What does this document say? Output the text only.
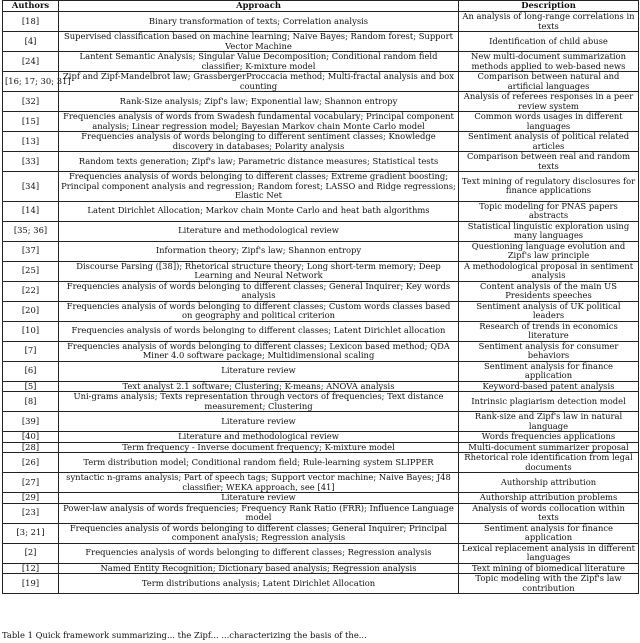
Authors	Approach	Description
[18]	Binary transformation of texts; Correlation analysis	An analysis of long-range correlations in texts
[4]	Supervised classification based on machine learning; Naive Bayes; Random forest; Support Vector Machine	Identification of child abuse
[24]	Lantent Semantic Analysis; Singular Value Decomposition; Conditional random field classifier; K-mixture model	New multi-document summarization methods applied to web-based news
[16; 17; 30; 31]	Zipf and Zipf-Mandelbrot law; GrassbergerProccacia method; Multi-fractal analysis and box counting	Comparison between natural and artificial languages
[32]	Rank-Size analysis; Zipf's law; Exponential law; Shannon entropy	Analysis of referees responses in a peer review system
[15]	Frequencies analysis of words from Swadesh fundamental vocabulary; Principal component analysis; Linear regression model; Bayesian Markov chain Monte Carlo model	Common words usages in different languages
[13]	Frequencies analysis of words belonging to different sentiment classes; Knowledge discovery in databases; Polarity analysis	Sentiment analysis of political related articles
[33]	Random texts generation; Zipf's law; Parametric distance measures; Statistical tests	Comparison between real and random texts
[34]	Frequencies analysis of words belonging to different classes; Extreme gradient boosting; Principal component analysis and regression; Random forest; LASSO and Ridge regressions; Elastic Net	Text mining of regulatory disclosures for finance applications
[14]	Latent Dirichlet Allocation; Markov chain Monte Carlo and heat bath algorithms	Topic modeling for PNAS papers abstracts
[35; 36]	Literature and methodological review	Statistical linguistic exploration using many languages
[37]	Information theory; Zipf's law; Shannon entropy	Questioning language evolution and Zipf's law principle
[25]	Discourse Parsing ([38]); Rhetorical structure theory; Long short-term memory; Deep Learning and Neural Network	A methodological proposal in sentiment analysis
[22]	Frequencies analysis of words belonging to different classes; General Inquirer; Key words analysis	Content analysis of the main US Presidents speeches
[20]	Frequencies analysis of words belonging to different classes; Custom words classes based on geography and political criterion	Sentiment analysis of UK political leaders
[10]	Frequencies analysis of words belonging to different classes; Latent Dirichlet allocation	Research of trends in economics literature
[7]	Frequencies analysis of words belonging to different classes; Lexicon based method; QDA Miner 4.0 software package; Multidimensional scaling	Sentiment analysis for consumer behaviors
[6]	Literature review	Sentiment analysis for finance application
[5]	Text analyst 2.1 software; Clustering; K-means; ANOVA analysis	Keyword-based patent analysis
[8]	Uni-grams analysis; Texts representation through vectors of frequencies; Text distance measurement; Clustering	Intrinsic plagiarism detection model
[39]	Literature review	Rank-size and Zipf's law in natural language
[40]	Literature and methodological review	Words frequencies applications
[28]	Term frequency - Inverse document frequency; K-mixture model	Multi-document summarizer proposal
[26]	Term distribution model; Conditional random field; Rule-learning system SLIPPER	Rhetorical role identification from legal documents
[27]	syntactic n-grams analysis; Part of speech tags; Support vector machine; Naive Bayes; J48 classifier; WEKA approach, see [41]	Authorship attribution
[29]	Literature review	Authorship attribution problems
[23]	Power-law analysis of words frequencies; Frequency Rank Ratio (FRR); Influence Language model	Analysis of words collocation within texts
[3; 21]	Frequencies analysis of words belonging to different classes; General Inquirer; Principal component analysis; Regression analysis	Sentiment analysis for finance application
[2]	Frequencies analysis of words belonging to different classes; Regression analysis	Lexical replacement analysis in different languages
[12]	Named Entity Recognition; Dictionary based analysis; Regression analysis	Text mining of biomedical literature
[19]	Term distributions analysis; Latent Dirichlet Allocation	Topic modeling with the Zipf's law contribution
Table 1 Quick framework summarizing... the Zipf... ...characterizing the basis of the...
